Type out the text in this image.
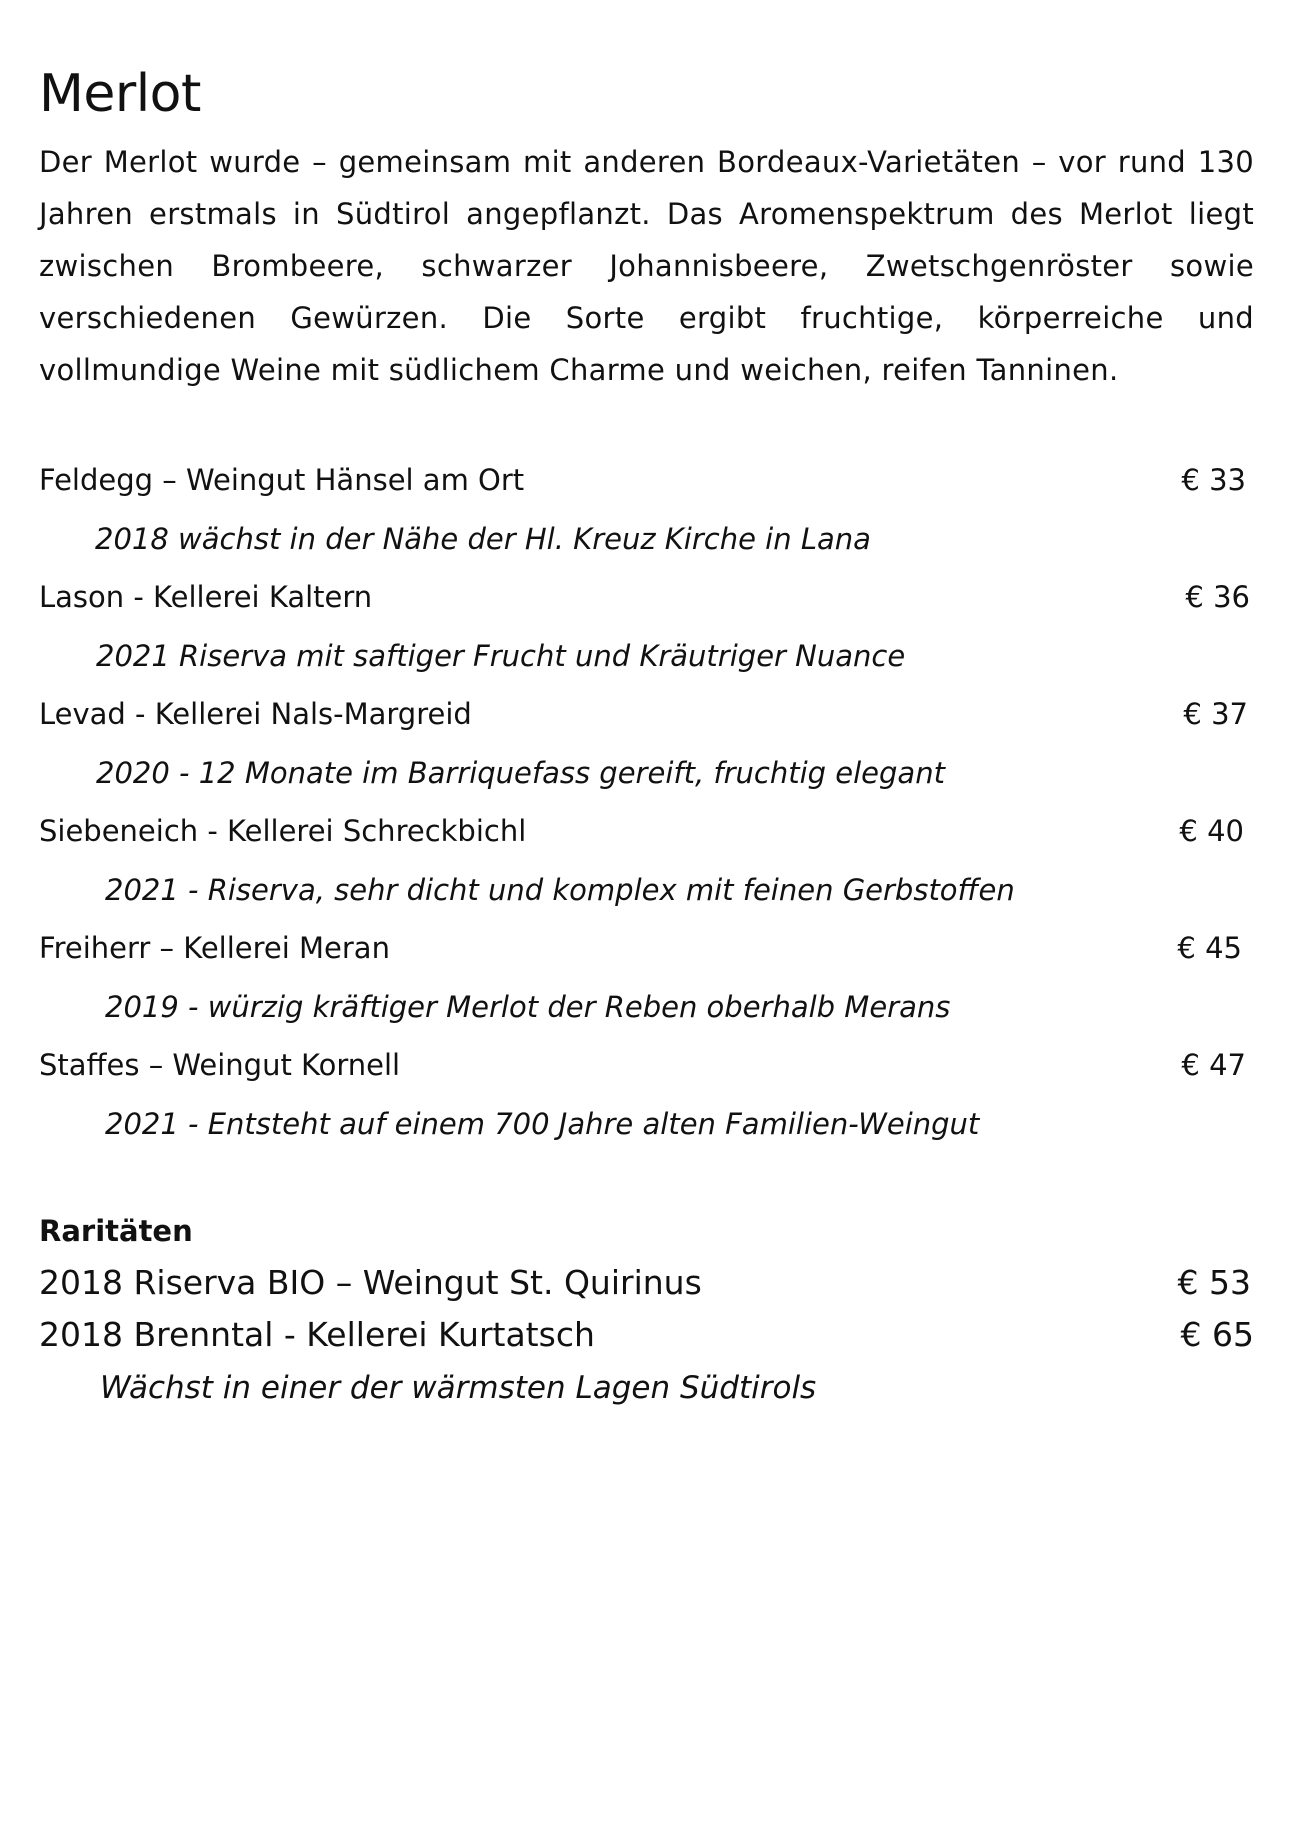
Merlot

Der Merlot wurde – gemeinsam mit anderen Bordeaux-Varietäten – vor rund 130 Jahren erstmals in Südtirol angepflanzt. Das Aromenspektrum des Merlot liegt zwischen Brombeere, schwarzer Johannisbeere, Zwetschgenröster sowie verschiedenen Gewürzen. Die Sorte ergibt fruchtige, körperreiche und vollmundige Weine mit südlichem Charme und weichen, reifen Tanninen.

Feldegg – Weingut Hänsel am Ort	€ 33
2018 wächst in der Nähe der Hl. Kreuz Kirche in Lana
Lason - Kellerei Kaltern	€ 36
2021 Riserva mit saftiger Frucht und Kräutriger Nuance
Levad - Kellerei Nals-Margreid	€ 37
2020 - 12 Monate im Barriquefass gereift, fruchtig elegant
Siebeneich - Kellerei Schreckbichl	€ 40
2021 - Riserva, sehr dicht und komplex mit feinen Gerbstoffen
Freiherr – Kellerei Meran	€ 45
2019 - würzig kräftiger Merlot der Reben oberhalb Merans
Staffes – Weingut Kornell	€ 47
2021 - Entsteht auf einem 700 Jahre alten Familien-Weingut
Raritäten
2018 Riserva BIO – Weingut St. Quirinus	€ 53
2018 Brenntal - Kellerei Kurtatsch	€ 65
Wächst in einer der wärmsten Lagen Südtirols
